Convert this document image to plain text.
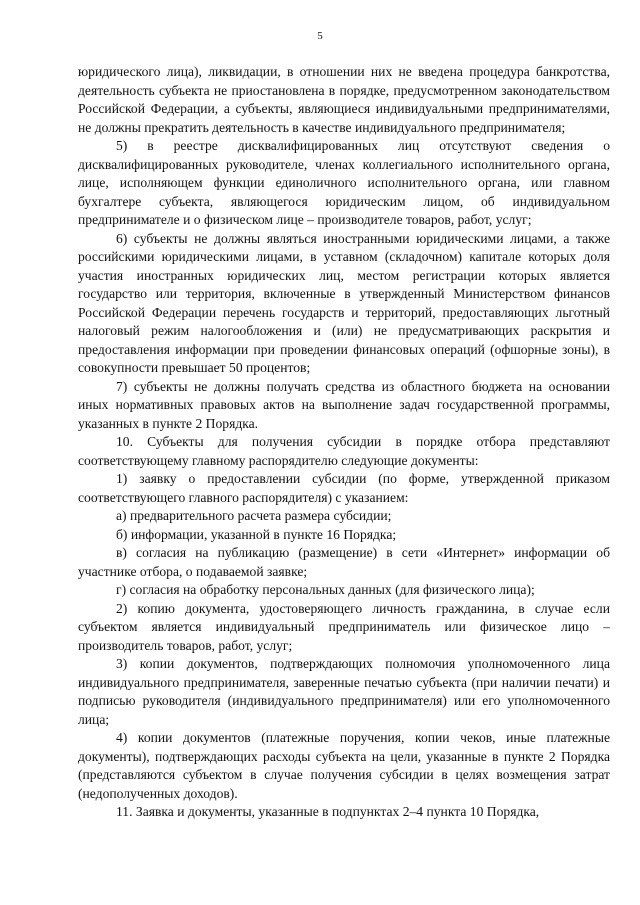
5

юридического лица), ликвидации, в отношении них не введена процедура банкротства, деятельность субъекта не приостановлена в порядке, предусмотренном законодательством Российской Федерации, а субъекты, являющиеся индивидуальными предпринимателями, не должны прекратить деятельность в качестве индивидуального предпринимателя;

5) в реестре дисквалифицированных лиц отсутствуют сведения о дисквалифицированных руководителе, членах коллегиального исполнительного органа, лице, исполняющем функции единоличного исполнительного органа, или главном бухгалтере субъекта, являющегося юридическим лицом, об индивидуальном предпринимателе и о физическом лице – производителе товаров, работ, услуг;

6) субъекты не должны являться иностранными юридическими лицами, а также российскими юридическими лицами, в уставном (складочном) капитале которых доля участия иностранных юридических лиц, местом регистрации которых является государство или территория, включенные в утвержденный Министерством финансов Российской Федерации перечень государств и территорий, предоставляющих льготный налоговый режим налогообложения и (или) не предусматривающих раскрытия и предоставления информации при проведении финансовых операций (офшорные зоны), в совокупности превышает 50 процентов;

7) субъекты не должны получать средства из областного бюджета на основании иных нормативных правовых актов на выполнение задач государственной программы, указанных в пункте 2 Порядка.

10. Субъекты для получения субсидии в порядке отбора представляют соответствующему главному распорядителю следующие документы:

1) заявку о предоставлении субсидии (по форме, утвержденной приказом соответствующего главного распорядителя) с указанием:

а) предварительного расчета размера субсидии;

б) информации, указанной в пункте 16 Порядка;

в) согласия на публикацию (размещение) в сети «Интернет» информации об участнике отбора, о подаваемой заявке;

г) согласия на обработку персональных данных (для физического лица);

2) копию документа, удостоверяющего личность гражданина, в случае если субъектом является индивидуальный предприниматель или физическое лицо – производитель товаров, работ, услуг;

3) копии документов, подтверждающих полномочия уполномоченного лица индивидуального предпринимателя, заверенные печатью субъекта (при наличии печати) и подписью руководителя (индивидуального предпринимателя) или его уполномоченного лица;

4) копии документов (платежные поручения, копии чеков, иные платежные документы), подтверждающих расходы субъекта на цели, указанные в пункте 2 Порядка (представляются субъектом в случае получения субсидии в целях возмещения затрат (недополученных доходов).

11. Заявка и документы, указанные в подпунктах 2–4 пункта 10 Порядка,
